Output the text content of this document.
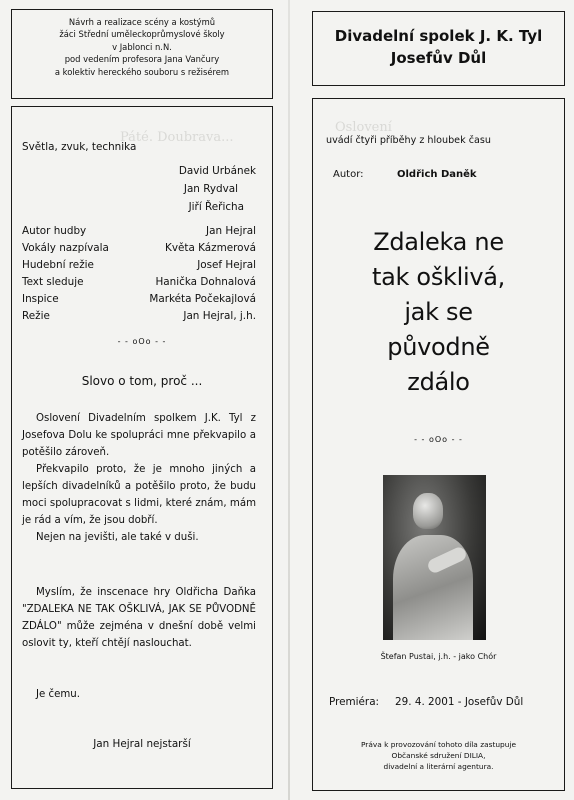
Páté. Doubrava...
Oslovení
Návrh a realizace scény a kostýmů
žáci Střední uměleckoprůmyslové školy
v Jablonci n.N.
pod vedením profesora Jana Vančury
a kolektiv hereckého souboru s režisérem
Světla, zvuk, technika
David Urbánek
Jan Rydval
Jiří Řeřicha
Autor hudby	Jan Hejral
Vokály nazpívala	Květa Kázmerová
Hudební režie	Josef Hejral
Text sleduje	Hanička Dohnalová
Inspice	Markéta Počekajlová
Režie	Jan Hejral, j.h.
- - oOo - -
Slovo o tom, proč ...
Oslovení Divadelním spolkem J.K. Tyl z Josefova Dolu ke spolupráci mne překvapilo a potěšilo zároveň.
Překvapilo proto, že je mnoho jiných a lepších divadelníků a potěšilo proto, že budu moci spolupracovat s lidmi, které znám, mám je rád a vím, že jsou dobří.
Nejen na jevišti, ale také v duši.
Myslím, že inscenace hry Oldřicha Daňka "ZDALEKA NE TAK OŠKLIVÁ, JAK SE PŮVODNĚ ZDÁLO" může zejména v dnešní době velmi oslovit ty, kteří chtějí naslouchat.
Je čemu.
Jan Hejral nejstarší
Divadelní spolek J. K. Tyl
Josefův Důl
uvádí čtyři příběhy z hloubek času
Autor:	Oldřich Daněk
Zdaleka ne
tak ošklivá,
jak se
původně
zdálo
- - oOo - -
Štefan Pustai, j.h. - jako Chór
Premiéra: 29. 4. 2001 - Josefův Důl
Práva k provozování tohoto díla zastupuje
Občanské sdružení DILIA,
divadelní a literární agentura.
